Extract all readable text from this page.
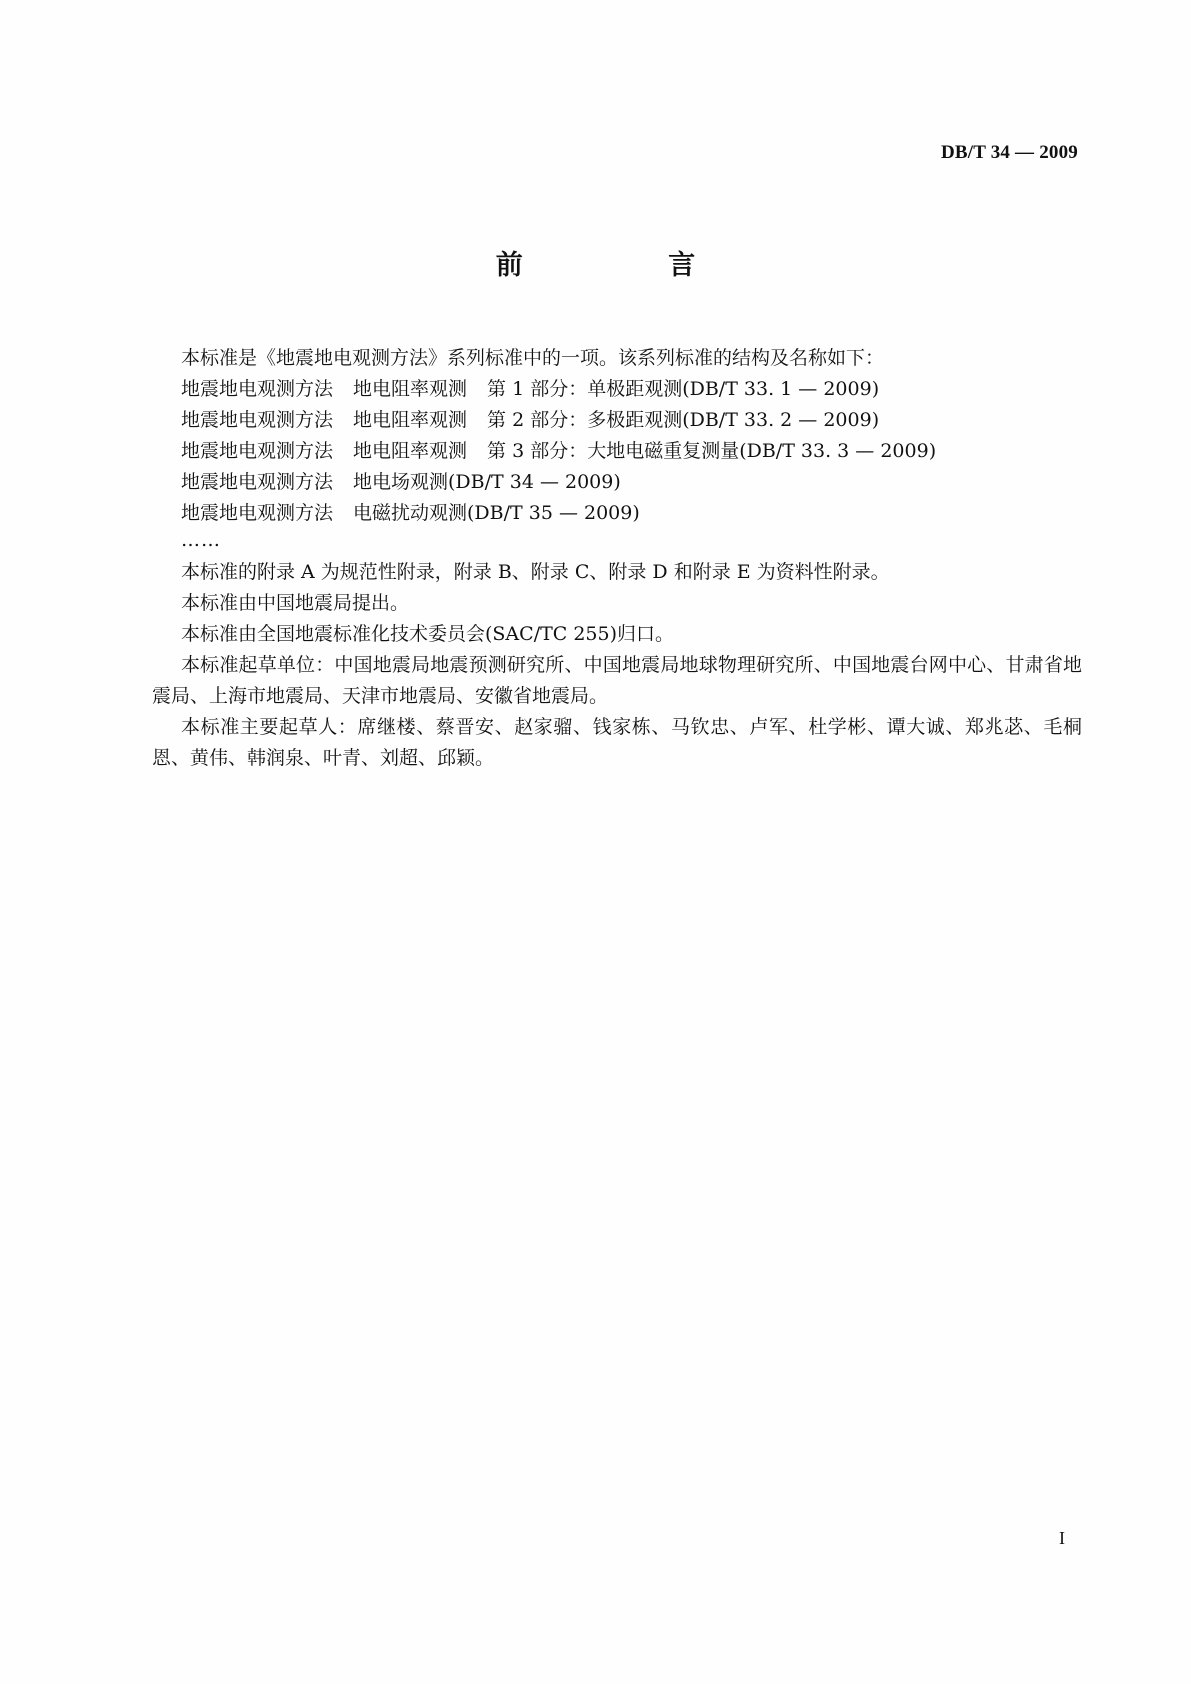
DB/T 34 — 2009
前 言
本标准是《地震地电观测方法》系列标准中的一项。该系列标准的结构及名称如下：
地震地电观测方法 地电阻率观测 第 1 部分：单极距观测(DB/T 33. 1 — 2009)
地震地电观测方法 地电阻率观测 第 2 部分：多极距观测(DB/T 33. 2 — 2009)
地震地电观测方法 地电阻率观测 第 3 部分：大地电磁重复测量(DB/T 33. 3 — 2009)
地震地电观测方法 地电场观测(DB/T 34 — 2009)
地震地电观测方法 电磁扰动观测(DB/T 35 — 2009)
……

本标准的附录 A 为规范性附录，附录 B、附录 C、附录 D 和附录 E 为资料性附录。

本标准由中国地震局提出。

本标准由全国地震标准化技术委员会(SAC/TC 255)归口。

本标准起草单位：中国地震局地震预测研究所、中国地震局地球物理研究所、中国地震台网中心、甘肃省地震局、上海市地震局、天津市地震局、安徽省地震局。

本标准主要起草人：席继楼、蔡晋安、赵家骝、钱家栋、马钦忠、卢军、杜学彬、谭大诚、郑兆苾、毛桐恩、黄伟、韩润泉、叶青、刘超、邱颖。

I
